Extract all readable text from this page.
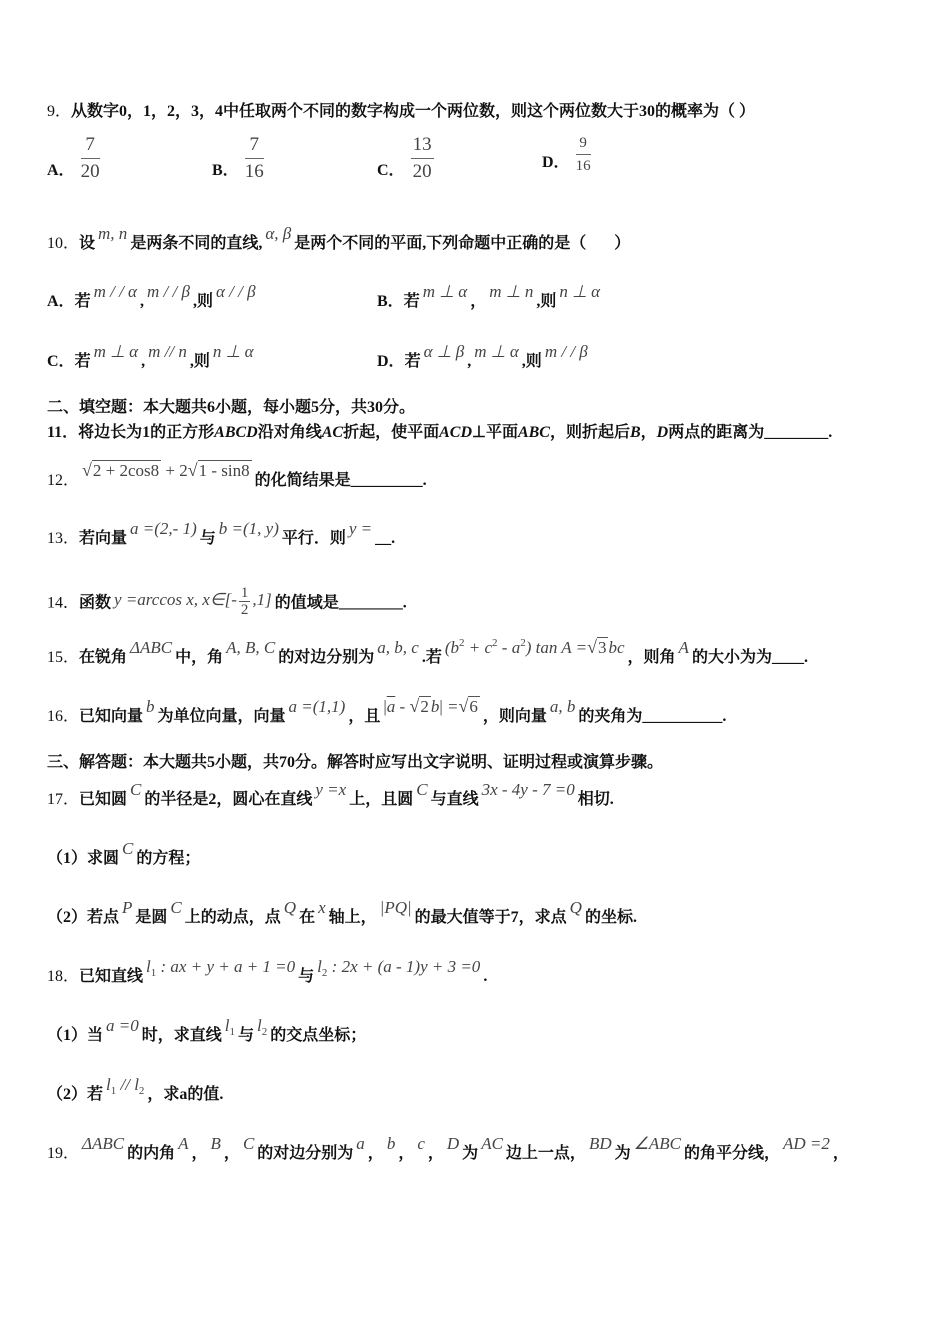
9．从数字0，1，2，3，4中任取两个不同的数字构成一个两位数，则这个两位数大于30的概率为（ ）
A． $\frac{7}{20}$	B． $\frac{7}{16}$	C． $\frac{13}{20}$	D． $\frac{9}{16}$
10．设m, n是两条不同的直线,α, β是两个不同的平面,下列命题中正确的是（       ）
A．若m / / α,m / / β,则α / / β
B．若m ⊥ α，m ⊥ n,则n ⊥ α
C．若m ⊥ α,m // n,则n ⊥ α
D．若α ⊥ β,m ⊥ α,则m / / β
二、填空题：本大题共6小题，每小题5分，共30分。
11．将边长为1的正方形ABCD沿对角线AC折起，使平面ACD⊥平面ABC，则折起后B，D两点的距离为________.
12．√2 + 2cos8 + 2√1 - sin8的化简结果是_________.
13．若向量a =(2,- 1)与b =(1, y)平行．则y =__.
14．函数 y =arccos x, x∈[- $\frac{1}{2} ,1$] 的值域是________.
15．在锐角ΔABC中，角A, B, C的对边分别为a, b, c.若$(b^2 + c^2 - a^2)$ tan A =√3 bc，则角A的大小为为____.
16．已知向量b为单位向量，向量a =(1,1)，且$|\overline{a} - √2$ b| =√6，则向量a, b的夹角为__________.
三、解答题：本大题共5小题，共70分。解答时应写出文字说明、证明过程或演算步骤。
17．已知圆C的半径是2，圆心在直线y =x上，且圆C与直线3x - 4y - 7 =0相切.
（1）求圆C的方程；
（2）若点P是圆C上的动点，点Q在x轴上，|PQ|的最大值等于7，求点Q的坐标.
18．已知直线$l_1$ : ax + y + a + 1 =0与$l_2$ : 2x + (a - 1)y + 3 =0.
（1）当a =0时，求直线$l_1$ 与$l_2$ 的交点坐标；
（2）若$l_1 // l_2$ ，求a的值.
19．ΔABC的内角A，B，C的对边分别为a，b，c，D为AC边上一点，BD为∠ABC的角平分线，AD =2，
